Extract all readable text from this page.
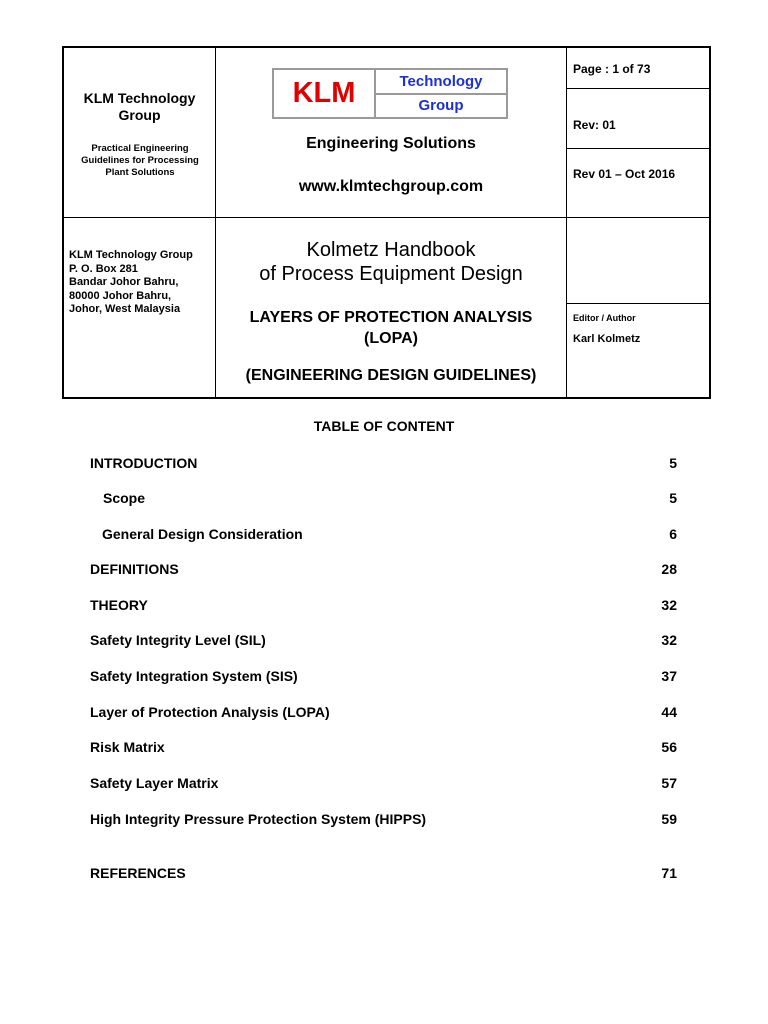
KLM Technology Group
Practical Engineering Guidelines for Processing Plant Solutions
KLM	Technology
Group
Engineering Solutions
www.klmtechgroup.com
Page : 1 of 73
Rev: 01
Rev 01 – Oct 2016
KLM Technology Group
P. O. Box 281
Bandar Johor Bahru,
80000 Johor Bahru,
Johor, West Malaysia
Kolmetz Handbook
of Process Equipment Design
LAYERS OF PROTECTION ANALYSIS
(LOPA)
(ENGINEERING DESIGN GUIDELINES)
Editor / Author
Karl Kolmetz
TABLE OF CONTENT
INTRODUCTION	5
Scope	5
General Design Consideration	6
DEFINITIONS	28
THEORY	32
Safety Integrity Level (SIL)	32
Safety Integration System (SIS)	37
Layer of Protection Analysis (LOPA)	44
Risk Matrix	56
Safety Layer Matrix	57
High Integrity Pressure Protection System (HIPPS)	59
REFERENCES	71
